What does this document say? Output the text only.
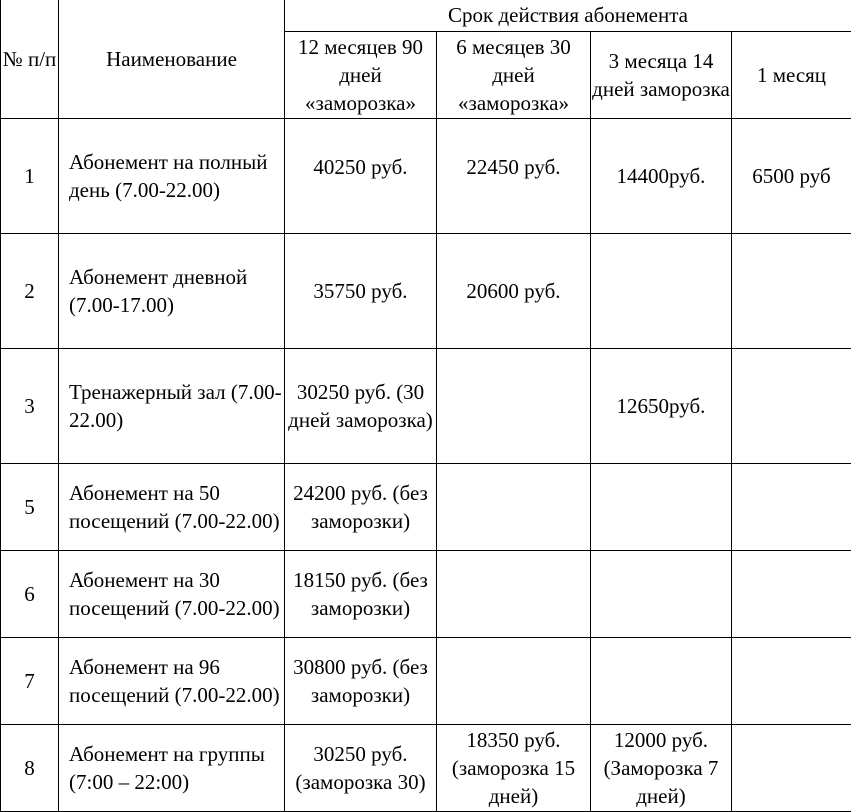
№ п/п	Наименование	Срок действия абонемента			
		12 месяцев 90 дней «заморозка»	6 месяцев 30 дней «заморозка»	3 месяца 14 дней заморозка	1 месяц
1	Абонемент на полный день (7.00-22.00)	40250 руб.	22450 руб.	14400руб.	6500 руб
2	Абонемент дневной (7.00-17.00)	35750 руб.	20600 руб.		
3	Тренажерный зал (7.00-22.00)	30250 руб. (30 дней заморозка)		12650руб.	
5	Абонемент на 50 посещений (7.00-22.00)	24200 руб. (без заморозки)			
6	Абонемент на 30 посещений (7.00-22.00)	18150 руб. (без заморозки)			
7	Абонемент на 96 посещений (7.00-22.00)	30800 руб. (без заморозки)			
8	Абонемент на группы (7:00 – 22:00)	30250 руб. (заморозка 30)	18350 руб. (заморозка 15 дней)	12000 руб. (Заморозка 7 дней)	
